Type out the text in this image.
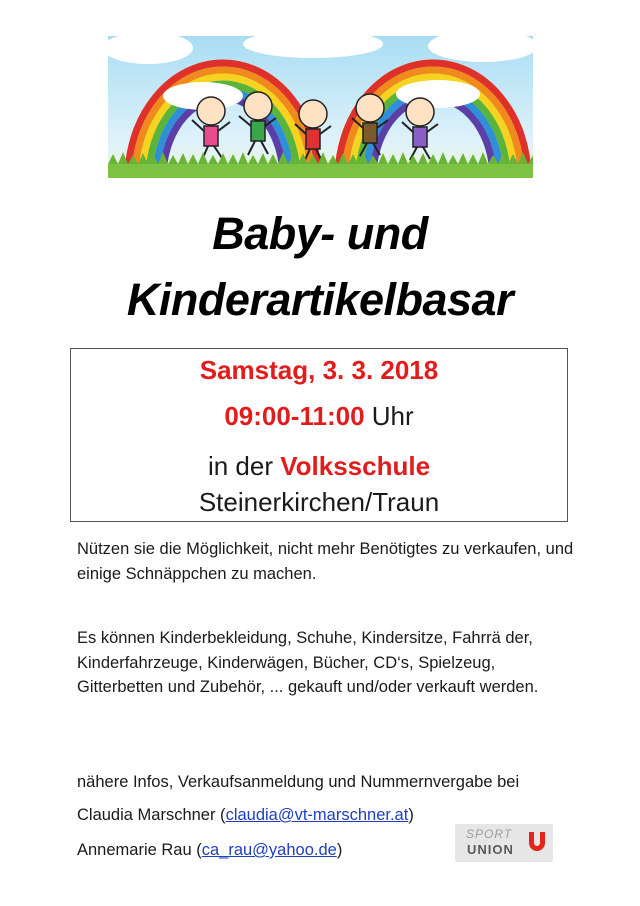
Baby- und
Kinderartikelbasar
Samstag, 3. 3. 2018
09:00-11:00 Uhr
in der Volksschule
Steinerkirchen/Traun
Nützen sie die Möglichkeit, nicht mehr Benötigtes zu verkaufen, und einige Schnäppchen zu machen.
Es können Kinderbekleidung, Schuhe, Kindersitze, Fahrrä der, Kinderfahrzeuge, Kinderwägen, Bücher, CD‘s, Spielzeug, Gitterbetten und Zubehör, ... gekauft und/oder verkauft werden.
nähere Infos, Verkaufsanmeldung und Nummernvergabe bei
Claudia Marschner (claudia@vt-marschner.at)
Annemarie Rau (ca_rau@yahoo.de)
SPORT
UNION
